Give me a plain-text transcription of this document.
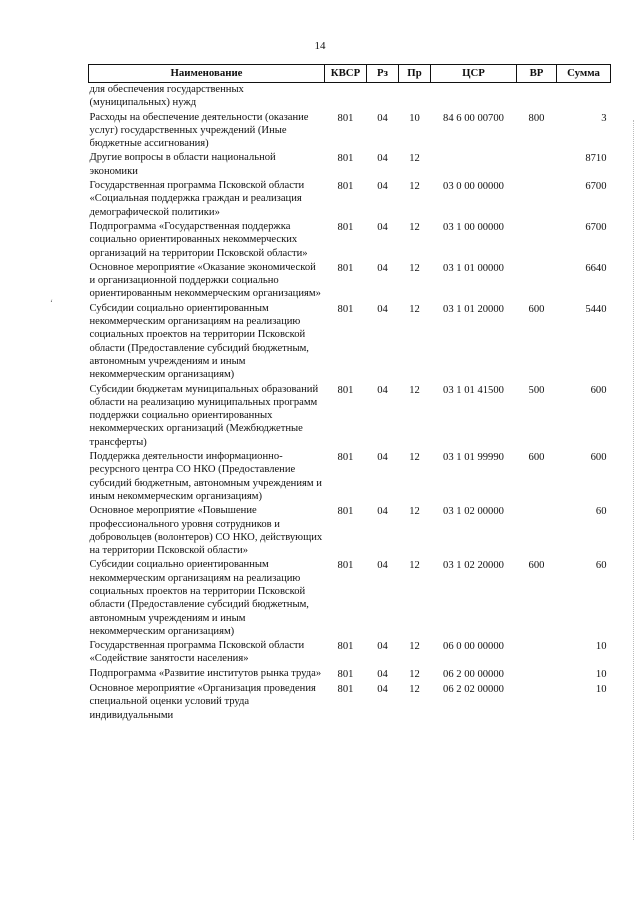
14
‘
Наименование	КВСР	Рз	Пр	ЦСР	ВР	Сумма
для обеспечения государственных (муниципальных) нужд						
Расходы на обеспечение деятельности (оказание услуг) государственных учреждений (Иные бюджетные ассигнования)	801	04	10	84 6 00 00700	800	3
Другие вопросы в области национальной экономики	801	04	12			8710
Государственная программа Псковской области «Социальная поддержка граждан и реализация демографической политики»	801	04	12	03 0 00 00000		6700
Подпрограмма «Государственная поддержка социально ориентированных некоммерческих организаций на территории Псковской области»	801	04	12	03 1 00 00000		6700
Основное мероприятие «Оказание экономической и организационной поддержки социально ориентированным некоммерческим организациям»	801	04	12	03 1 01 00000		6640
Субсидии социально ориентированным некоммерческим организациям на реализацию социальных проектов на территории Псковской области (Предоставление субсидий бюджетным, автономным учреждениям и иным некоммерческим организациям)	801	04	12	03 1 01 20000	600	5440
Субсидии бюджетам муниципальных образований области на реализацию муниципальных программ поддержки социально ориентированных некоммерческих организаций (Межбюджетные трансферты)	801	04	12	03 1 01 41500	500	600
Поддержка деятельности информационно-ресурсного центра СО НКО (Предоставление субсидий бюджетным, автономным учреждениям и иным некоммерческим организациям)	801	04	12	03 1 01 99990	600	600
Основное мероприятие «Повышение профессионального уровня сотрудников и добровольцев (волонтеров) СО НКО, действующих на территории Псковской области»	801	04	12	03 1 02 00000		60
Субсидии социально ориентированным некоммерческим организациям на реализацию социальных проектов на территории Псковской области (Предоставление субсидий бюджетным, автономным учреждениям и иным некоммерческим организациям)	801	04	12	03 1 02 20000	600	60
Государственная программа Псковской области «Содействие занятости населения»	801	04	12	06 0 00 00000		10
Подпрограмма «Развитие институтов рынка труда»	801	04	12	06 2 00 00000		10
Основное мероприятие «Организация проведения специальной оценки условий труда индивидуальными	801	04	12	06 2 02 00000		10
